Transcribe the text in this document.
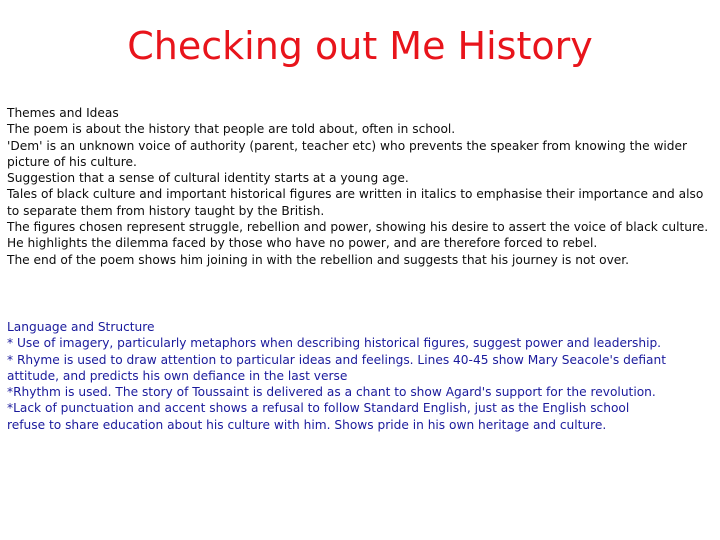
Checking out Me History

Themes and Ideas

The poem is about the history that people are told about, often in school.

'Dem' is an unknown voice of authority (parent, teacher etc) who prevents the speaker from knowing the wider picture of his culture.

Suggestion that a sense of cultural identity starts at a young age.

Tales of black culture and important historical figures are written in italics to emphasise their importance and also to separate them from history taught by the British.

The figures chosen represent struggle, rebellion and power, showing his desire to assert the voice of black culture.

He highlights the dilemma faced by those who have no power, and are therefore forced to rebel.

The end of the poem shows him joining in with the rebellion and suggests that his journey is not over.

Language and Structure

* Use of imagery, particularly metaphors when describing historical figures, suggest power and leadership.

* Rhyme is used to draw attention to particular ideas and feelings. Lines 40-45 show Mary Seacole's defiant attitude, and predicts his own defiance in the last verse

*Rhythm is used. The story of Toussaint is delivered as a chant to show Agard's support for the revolution.

*Lack of punctuation and accent shows a refusal to follow Standard English, just as the English school refuse to share education about his culture with him. Shows pride in his own heritage and culture.
